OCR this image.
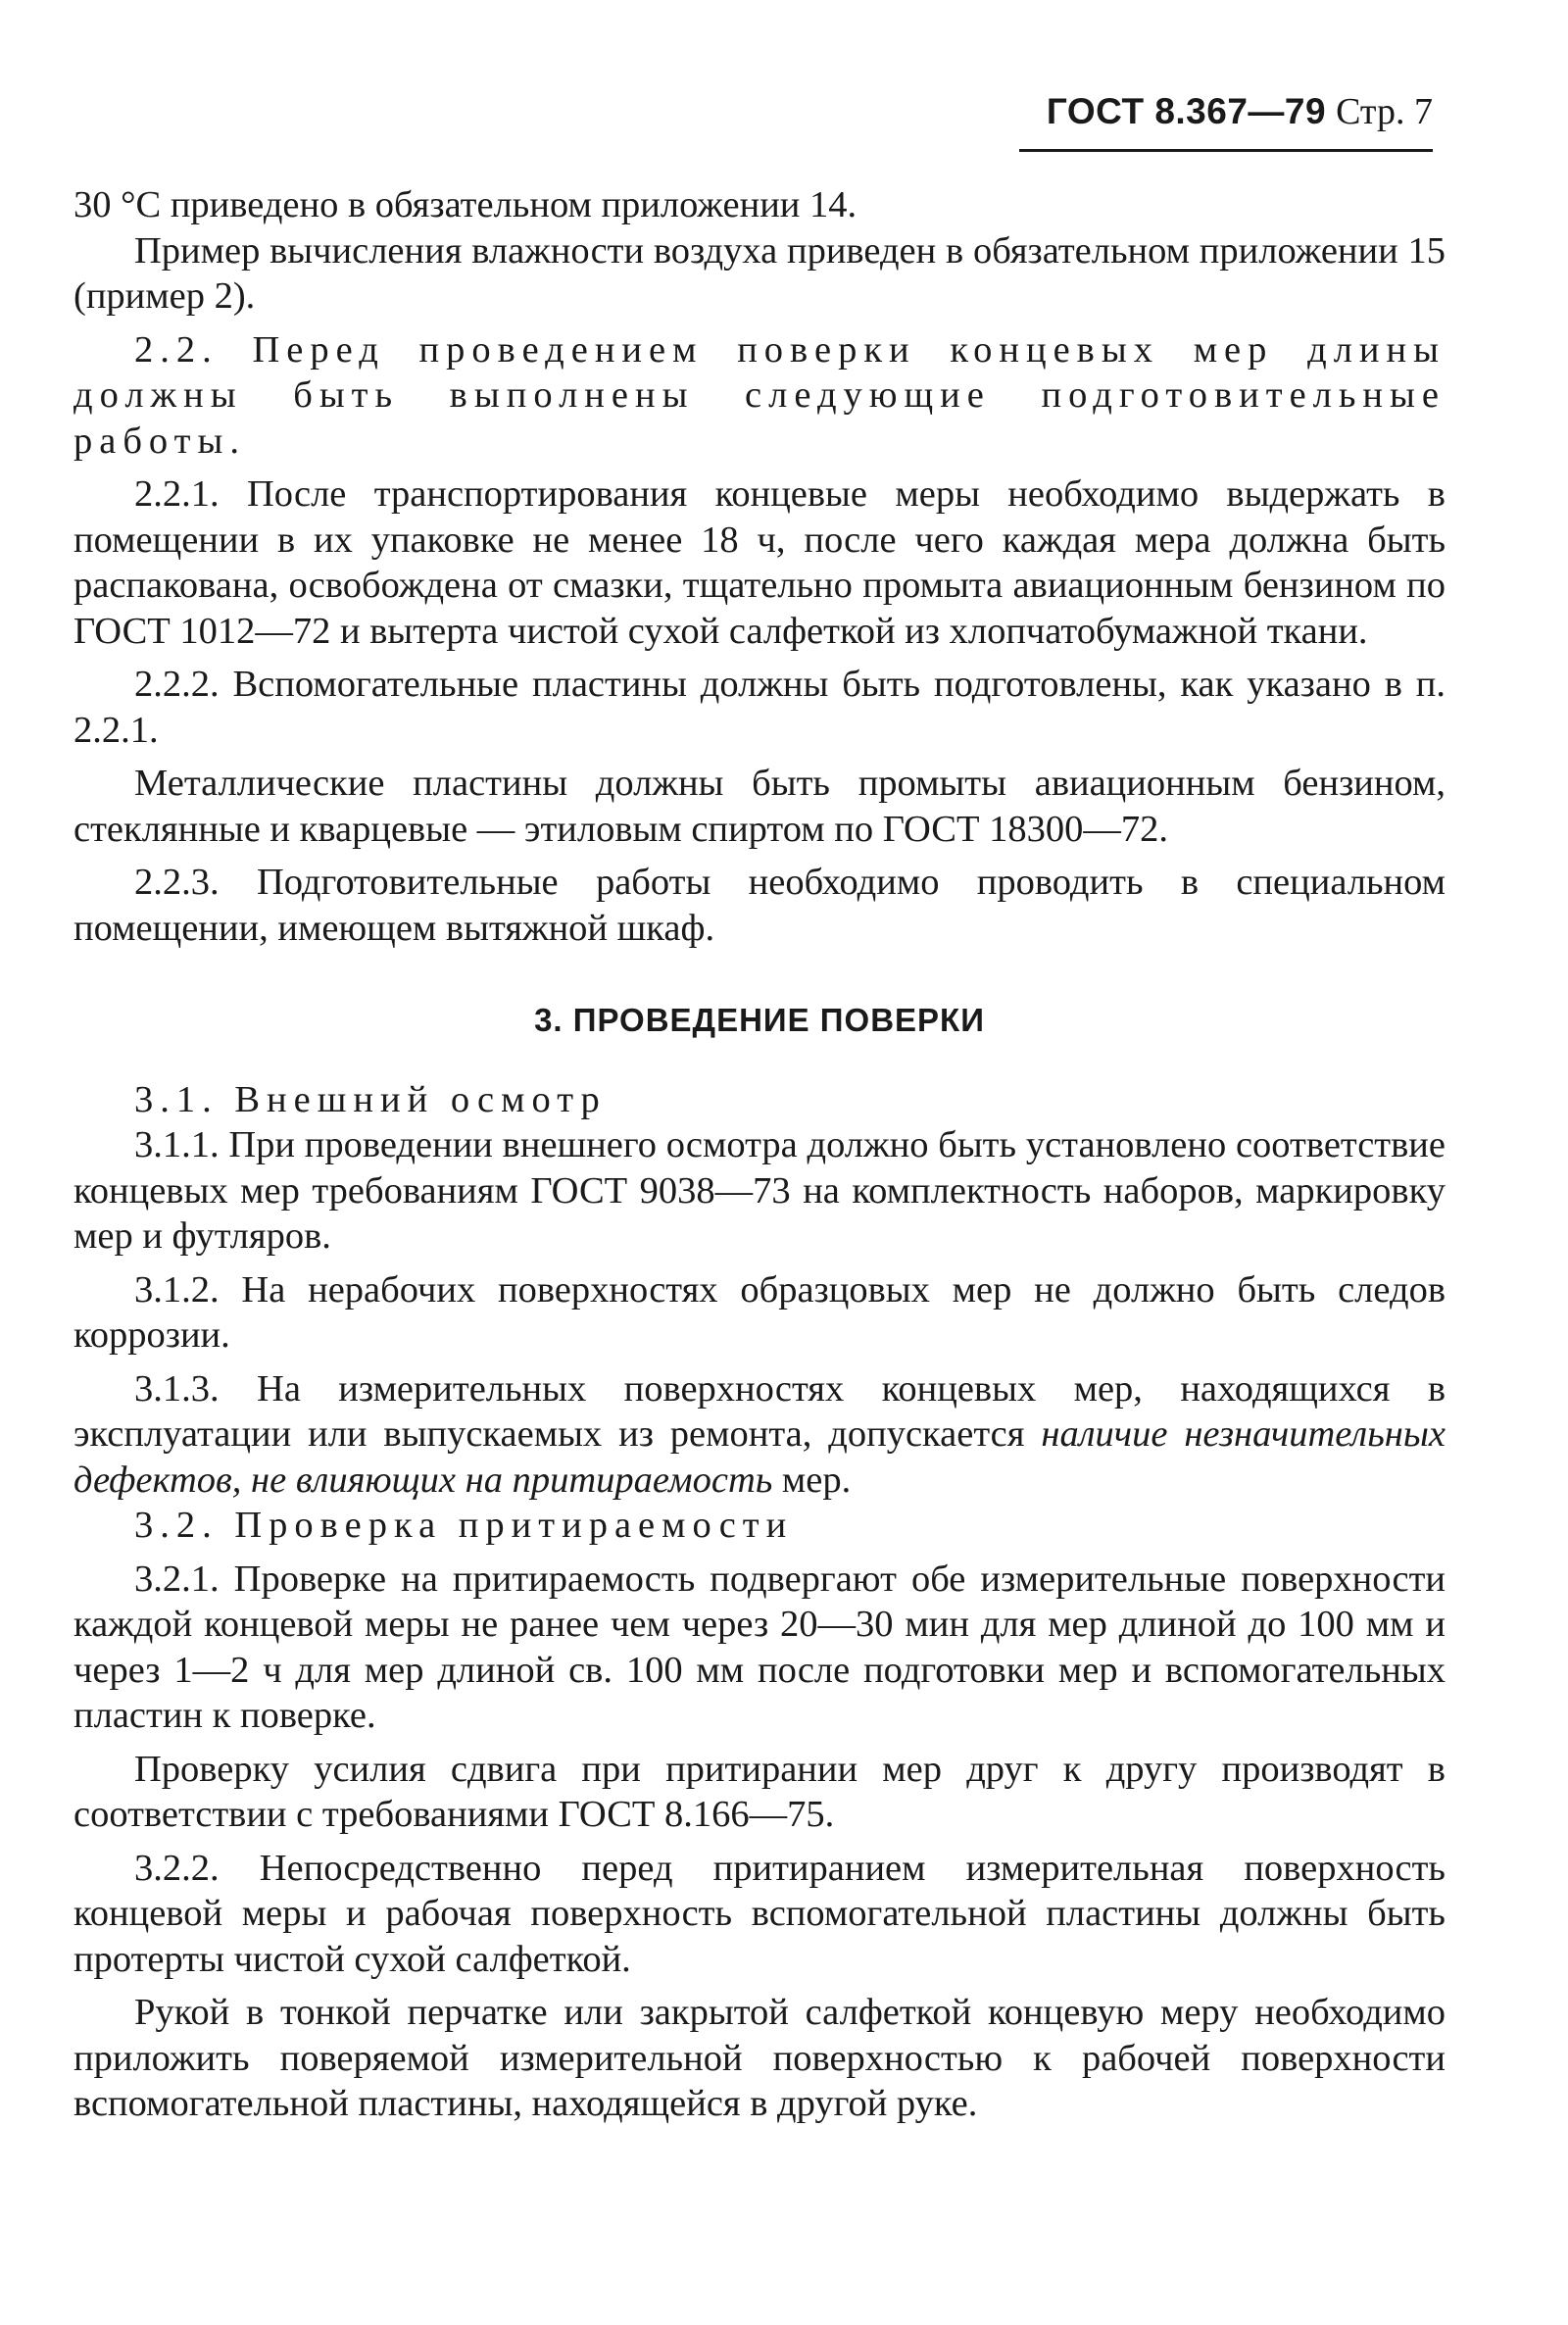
ГОСТ 8.367—79 Стр. 7

30 °С приведено в обязательном приложении 14.

Пример вычисления влажности воздуха приведен в обязательном приложении 15 (пример 2).

2.2. Перед проведением поверки концевых мер длины должны быть выполнены следующие подготовительные работы.

2.2.1. После транспортирования концевые меры необходимо выдержать в помещении в их упаковке не менее 18 ч, после чего каждая мера должна быть распакована, освобождена от смазки, тщательно промыта авиационным бензином по ГОСТ 1012—72 и вытерта чистой сухой салфеткой из хлопчатобумажной ткани.

2.2.2. Вспомогательные пластины должны быть подготовлены, как указано в п. 2.2.1.

Металлические пластины должны быть промыты авиационным бензином, стеклянные и кварцевые — этиловым спиртом по ГОСТ 18300—72.

2.2.3. Подготовительные работы необходимо проводить в специальном помещении, имеющем вытяжной шкаф.

3. ПРОВЕДЕНИЕ ПОВЕРКИ

3.1. Внешний осмотр

3.1.1. При проведении внешнего осмотра должно быть установлено соответствие концевых мер требованиям ГОСТ 9038—73 на комплектность наборов, маркировку мер и футляров.

3.1.2. На нерабочих поверхностях образцовых мер не должно быть следов коррозии.

3.1.3. На измерительных поверхностях концевых мер, находящихся в эксплуатации или выпускаемых из ремонта, допускается наличие незначительных дефектов, не влияющих на притираемость мер.

3.2. Проверка притираемости

3.2.1. Проверке на притираемость подвергают обе измерительные поверхности каждой концевой меры не ранее чем через 20—30 мин для мер длиной до 100 мм и через 1—2 ч для мер длиной св. 100 мм после подготовки мер и вспомогательных пластин к поверке.

Проверку усилия сдвига при притирании мер друг к другу производят в соответствии с требованиями ГОСТ 8.166—75.

3.2.2. Непосредственно перед притиранием измерительная поверхность концевой меры и рабочая поверхность вспомогательной пластины должны быть протерты чистой сухой салфеткой.

Рукой в тонкой перчатке или закрытой салфеткой концевую меру необходимо приложить поверяемой измерительной поверхностью к рабочей поверхности вспомогательной пластины, находящейся в другой руке.
